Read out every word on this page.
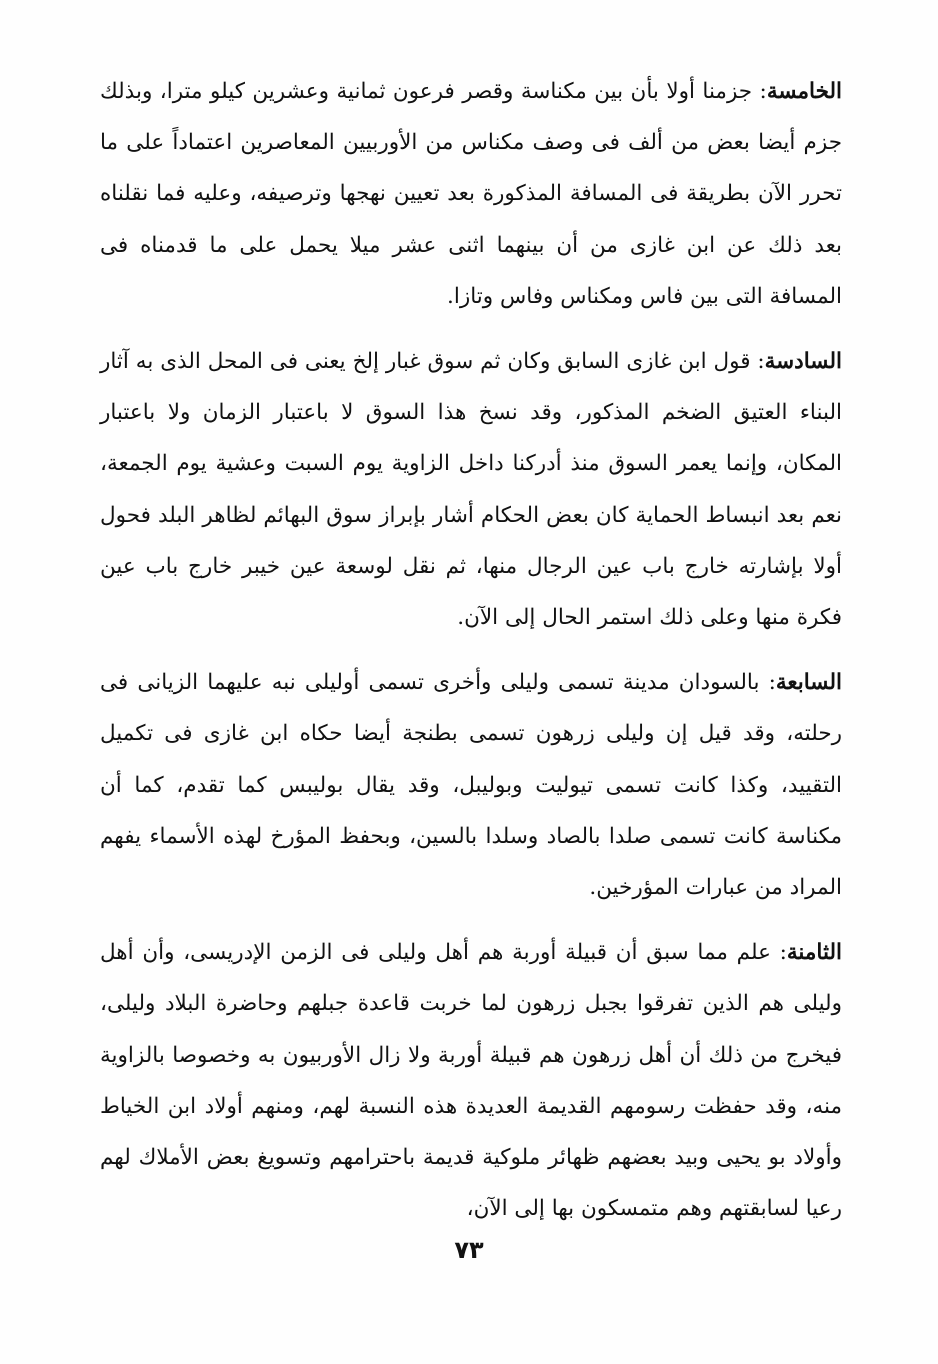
الخامسة: جزمنا أولا بأن بين مكناسة وقصر فرعون ثمانية وعشرين كيلو مترا، وبذلك جزم أيضا بعض من ألف فى وصف مكناس من الأوربيين المعاصرين اعتماداً على ما تحرر الآن بطريقة فى المسافة المذكورة بعد تعيين نهجها وترصيفه، وعليه فما نقلناه بعد ذلك عن ابن غازى من أن بينهما اثنى عشر ميلا يحمل على ما قدمناه فى المسافة التى بين فاس ومكناس وفاس وتازا.

السادسة: قول ابن غازى السابق وكان ثم سوق غبار إلخ يعنى فى المحل الذى به آثار البناء العتيق الضخم المذكور، وقد نسخ هذا السوق لا باعتبار الزمان ولا باعتبار المكان، وإنما يعمر السوق منذ أدركنا داخل الزاوية يوم السبت وعشية يوم الجمعة، نعم بعد انبساط الحماية كان بعض الحكام أشار بإبراز سوق البهائم لظاهر البلد فحول أولا بإشارته خارج باب عين الرجال منها، ثم نقل لوسعة عين خيبر خارج باب عين فكرة منها وعلى ذلك استمر الحال إلى الآن.

السابعة: بالسودان مدينة تسمى وليلى وأخرى تسمى أوليلى نبه عليهما الزيانى فى رحلته، وقد قيل إن وليلى زرهون تسمى بطنجة أيضا حكاه ابن غازى فى تكميل التقييد، وكذا كانت تسمى تيوليت وبوليبل، وقد يقال بوليبس كما تقدم، كما أن مكناسة كانت تسمى صلدا بالصاد وسلدا بالسين، وبحفظ المؤرخ لهذه الأسماء يفهم المراد من عبارات المؤرخين.

الثامنة: علم مما سبق أن قبيلة أوربة هم أهل وليلى فى الزمن الإدريسى، وأن أهل وليلى هم الذين تفرقوا بجبل زرهون لما خربت قاعدة جبلهم وحاضرة البلاد وليلى، فيخرج من ذلك أن أهل زرهون هم قبيلة أوربة ولا زال الأوربيون به وخصوصا بالزاوية منه، وقد حفظت رسومهم القديمة العديدة هذه النسبة لهم، ومنهم أولاد ابن الخياط وأولاد بو يحيى وبيد بعضهم ظهائر ملوكية قديمة باحترامهم وتسويغ بعض الأملاك لهم رعيا لسابقتهم وهم متمسكون بها إلى الآن،

٧٣
